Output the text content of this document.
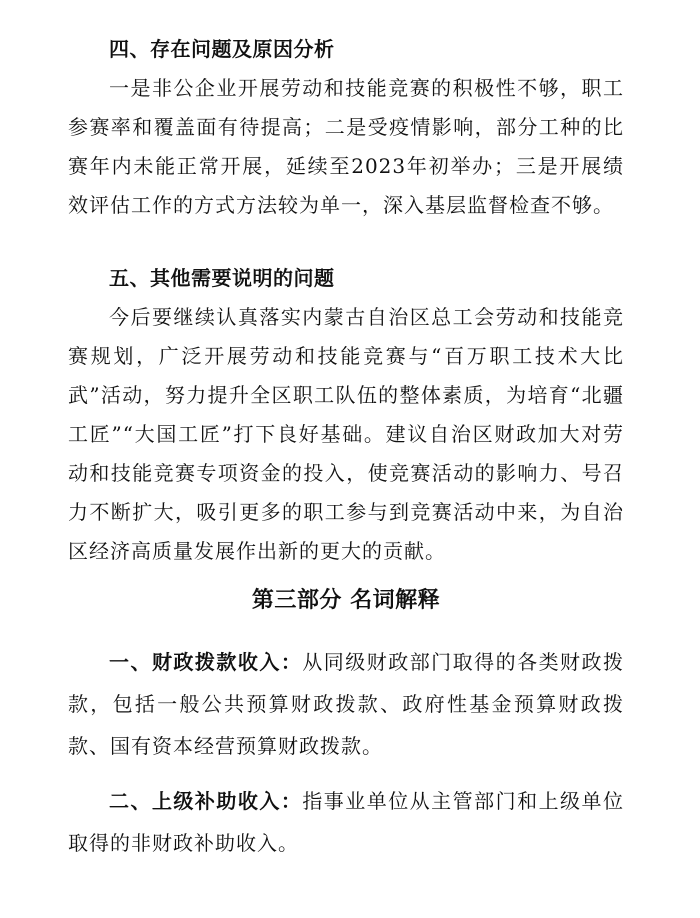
四、存在问题及原因分析
一是非公企业开展劳动和技能竞赛的积极性不够，职工参赛率和覆盖面有待提高；二是受疫情影响，部分工种的比赛年内未能正常开展，延续至2023年初举办；三是开展绩效评估工作的方式方法较为单一，深入基层监督检查不够。
五、其他需要说明的问题
今后要继续认真落实内蒙古自治区总工会劳动和技能竞赛规划，广泛开展劳动和技能竞赛与“百万职工技术大比武”活动，努力提升全区职工队伍的整体素质，为培育“北疆工匠”“大国工匠”打下良好基础。建议自治区财政加大对劳动和技能竞赛专项资金的投入，使竞赛活动的影响力、号召力不断扩大，吸引更多的职工参与到竞赛活动中来，为自治区经济高质量发展作出新的更大的贡献。
第三部分 名词解释
一、财政拨款收入：从同级财政部门取得的各类财政拨款，包括一般公共预算财政拨款、政府性基金预算财政拨款、国有资本经营预算财政拨款。
二、上级补助收入：指事业单位从主管部门和上级单位取得的非财政补助收入。
